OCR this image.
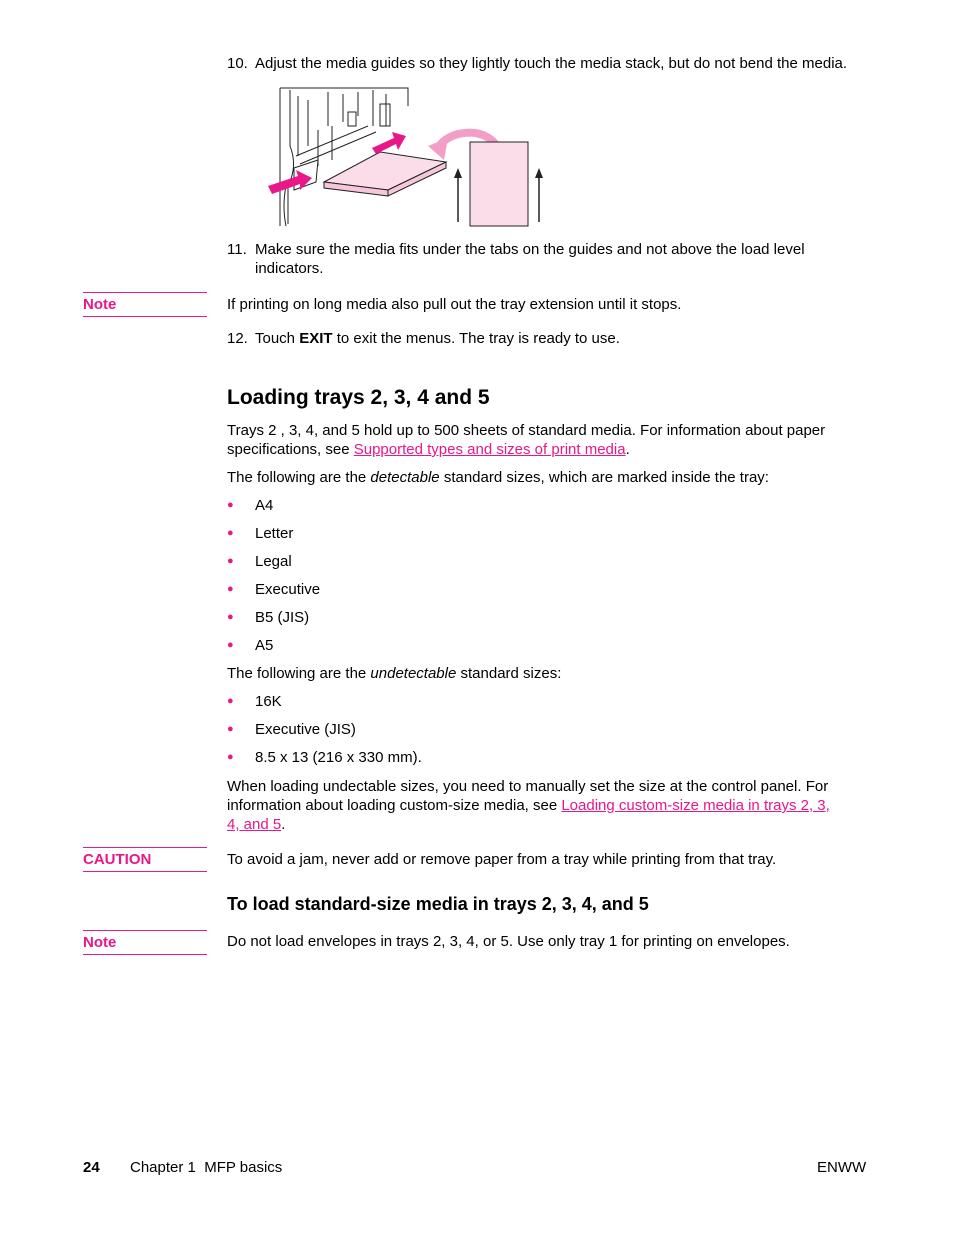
10. Adjust the media guides so they lightly touch the media stack, but do not bend the media.
11. Make sure the media fits under the tabs on the guides and not above the load level
indicators.
Note	If printing on long media also pull out the tray extension until it stops.
12. Touch EXIT to exit the menus. The tray is ready to use.
Loading trays 2, 3, 4 and 5
Trays 2 , 3, 4, and 5 hold up to 500 sheets of standard media. For information about paper
specifications, see Supported types and sizes of print media.
The following are the detectable standard sizes, which are marked inside the tray:
● A4
● Letter
● Legal
● Executive
● B5 (JIS)
● A5
The following are the undetectable standard sizes:
● 16K
● Executive (JIS)
● 8.5 x 13 (216 x 330 mm).
When loading undectable sizes, you need to manually set the size at the control panel. For
information about loading custom-size media, see Loading custom-size media in trays 2, 3,
4, and 5.
CAUTION	To avoid a jam, never add or remove paper from a tray while printing from that tray.
To load standard-size media in trays 2, 3, 4, and 5
Note	Do not load envelopes in trays 2, 3, 4, or 5. Use only tray 1 for printing on envelopes.
24 Chapter 1  MFP basics	ENWW
